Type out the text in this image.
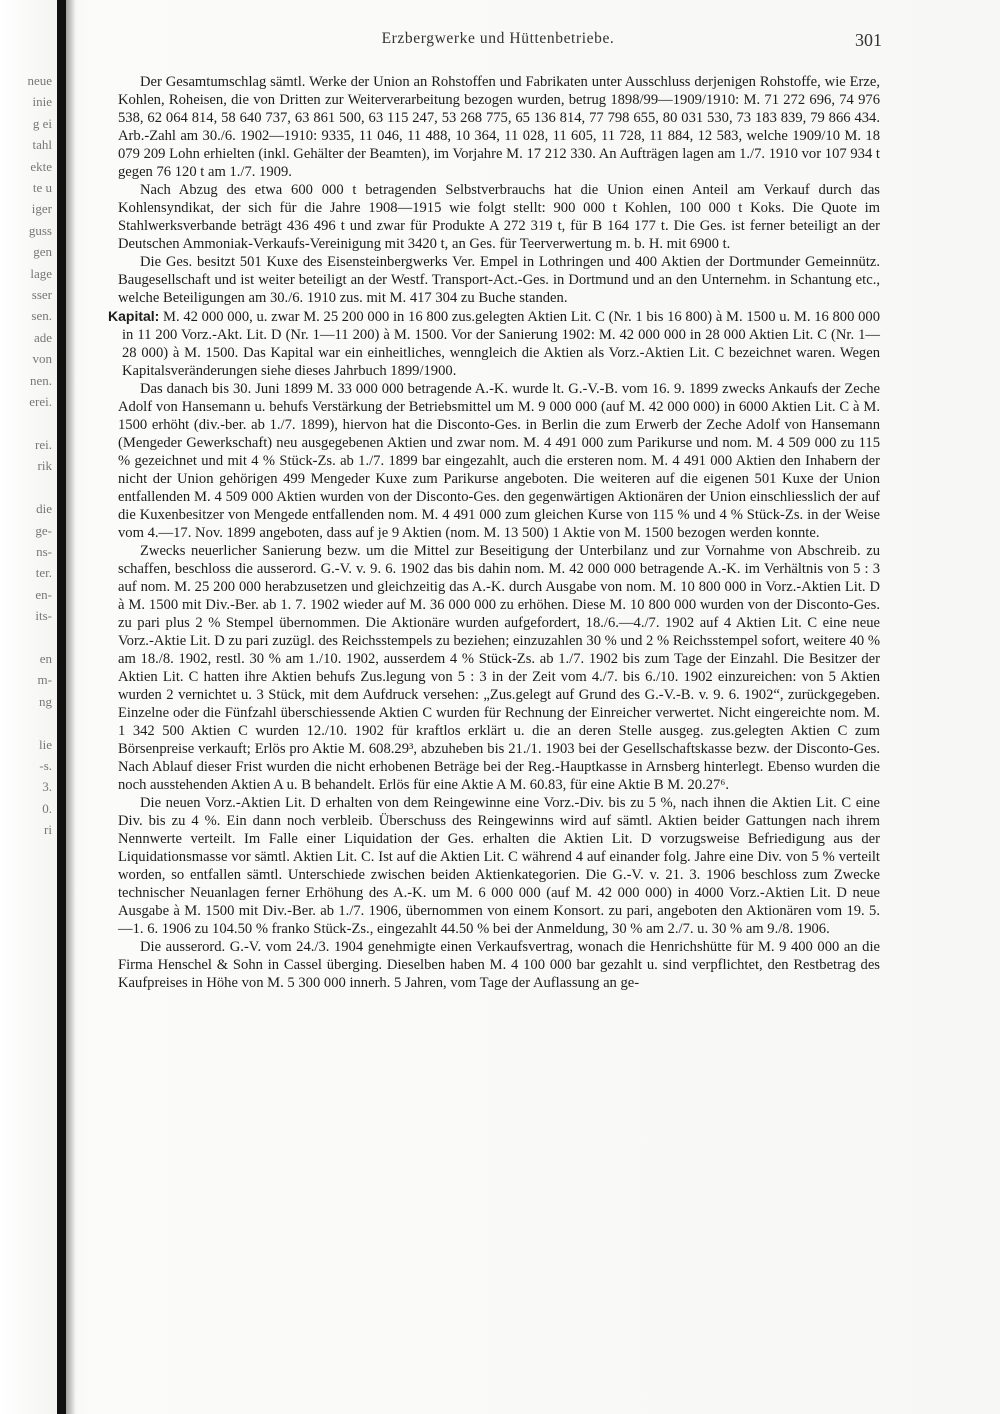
neue
inie
g ei
tahl
ekte
te u
iger
guss
gen
lage
sser
sen.
ade
von
nen.
erei.

rei.
rik

die
ge-
ns-
ter.
en-
its-

en
m-
ng

lie
-s.
3.
0.
ri
Erzbergwerke und Hüttenbetriebe.	301

Der Gesamtumschlag sämtl. Werke der Union an Rohstoffen und Fabrikaten unter Ausschluss derjenigen Rohstoffe, wie Erze, Kohlen, Roheisen, die von Dritten zur Weiterverarbeitung bezogen wurden, betrug 1898/99—1909/1910: M. 71 272 696, 74 976 538, 62 064 814, 58 640 737, 63 861 500, 63 115 247, 53 268 775, 65 136 814, 77 798 655, 80 031 530, 73 183 839, 79 866 434. Arb.-Zahl am 30./6. 1902—1910: 9335, 11 046, 11 488, 10 364, 11 028, 11 605, 11 728, 11 884, 12 583, welche 1909/10 M. 18 079 209 Lohn erhielten (inkl. Gehälter der Beamten), im Vorjahre M. 17 212 330. An Aufträgen lagen am 1./7. 1910 vor 107 934 t gegen 76 120 t am 1./7. 1909.

Nach Abzug des etwa 600 000 t betragenden Selbstverbrauchs hat die Union einen Anteil am Verkauf durch das Kohlensyndikat, der sich für die Jahre 1908—1915 wie folgt stellt: 900 000 t Kohlen, 100 000 t Koks. Die Quote im Stahlwerksverbande beträgt 436 496 t und zwar für Produkte A 272 319 t, für B 164 177 t. Die Ges. ist ferner beteiligt an der Deutschen Ammoniak-Verkaufs-Vereinigung mit 3420 t, an Ges. für Teerverwertung m. b. H. mit 6900 t.

Die Ges. besitzt 501 Kuxe des Eisensteinbergwerks Ver. Empel in Lothringen und 400 Aktien der Dortmunder Gemeinnütz. Baugesellschaft und ist weiter beteiligt an der Westf. Transport-Act.-Ges. in Dortmund und an den Unternehm. in Schantung etc., welche Beteiligungen am 30./6. 1910 zus. mit M. 417 304 zu Buche standen.

Kapital: M. 42 000 000, u. zwar M. 25 200 000 in 16 800 zus.gelegten Aktien Lit. C (Nr. 1 bis 16 800) à M. 1500 u. M. 16 800 000 in 11 200 Vorz.-Akt. Lit. D (Nr. 1—11 200) à M. 1500. Vor der Sanierung 1902: M. 42 000 000 in 28 000 Aktien Lit. C (Nr. 1—28 000) à M. 1500. Das Kapital war ein einheitliches, wenngleich die Aktien als Vorz.-Aktien Lit. C bezeichnet waren. Wegen Kapitalsveränderungen siehe dieses Jahrbuch 1899/1900.

Das danach bis 30. Juni 1899 M. 33 000 000 betragende A.-K. wurde lt. G.-V.-B. vom 16. 9. 1899 zwecks Ankaufs der Zeche Adolf von Hansemann u. behufs Verstärkung der Betriebsmittel um M. 9 000 000 (auf M. 42 000 000) in 6000 Aktien Lit. C à M. 1500 erhöht (div.-ber. ab 1./7. 1899), hiervon hat die Disconto-Ges. in Berlin die zum Erwerb der Zeche Adolf von Hansemann (Mengeder Gewerkschaft) neu ausgegebenen Aktien und zwar nom. M. 4 491 000 zum Parikurse und nom. M. 4 509 000 zu 115 % gezeichnet und mit 4 % Stück-Zs. ab 1./7. 1899 bar eingezahlt, auch die ersteren nom. M. 4 491 000 Aktien den Inhabern der nicht der Union gehörigen 499 Mengeder Kuxe zum Parikurse angeboten. Die weiteren auf die eigenen 501 Kuxe der Union entfallenden M. 4 509 000 Aktien wurden von der Disconto-Ges. den gegenwärtigen Aktionären der Union einschliesslich der auf die Kuxenbesitzer von Mengede entfallenden nom. M. 4 491 000 zum gleichen Kurse von 115 % und 4 % Stück-Zs. in der Weise vom 4.—17. Nov. 1899 angeboten, dass auf je 9 Aktien (nom. M. 13 500) 1 Aktie von M. 1500 bezogen werden konnte.

Zwecks neuerlicher Sanierung bezw. um die Mittel zur Beseitigung der Unterbilanz und zur Vornahme von Abschreib. zu schaffen, beschloss die ausserord. G.-V. v. 9. 6. 1902 das bis dahin nom. M. 42 000 000 betragende A.-K. im Verhältnis von 5 : 3 auf nom. M. 25 200 000 herabzusetzen und gleichzeitig das A.-K. durch Ausgabe von nom. M. 10 800 000 in Vorz.-Aktien Lit. D à M. 1500 mit Div.-Ber. ab 1. 7. 1902 wieder auf M. 36 000 000 zu erhöhen. Diese M. 10 800 000 wurden von der Disconto-Ges. zu pari plus 2 % Stempel übernommen. Die Aktionäre wurden aufgefordert, 18./6.—4./7. 1902 auf 4 Aktien Lit. C eine neue Vorz.-Aktie Lit. D zu pari zuzügl. des Reichsstempels zu beziehen; einzuzahlen 30 % und 2 % Reichsstempel sofort, weitere 40 % am 18./8. 1902, restl. 30 % am 1./10. 1902, ausserdem 4 % Stück-Zs. ab 1./7. 1902 bis zum Tage der Einzahl. Die Besitzer der Aktien Lit. C hatten ihre Aktien behufs Zus.legung von 5 : 3 in der Zeit vom 4./7. bis 6./10. 1902 einzureichen: von 5 Aktien wurden 2 vernichtet u. 3 Stück, mit dem Aufdruck versehen: „Zus.gelegt auf Grund des G.-V.-B. v. 9. 6. 1902“, zurückgegeben. Einzelne oder die Fünfzahl überschiessende Aktien C wurden für Rechnung der Einreicher verwertet. Nicht eingereichte nom. M. 1 342 500 Aktien C wurden 12./10. 1902 für kraftlos erklärt u. die an deren Stelle ausgeg. zus.gelegten Aktien C zum Börsenpreise verkauft; Erlös pro Aktie M. 608.29³, abzuheben bis 21./1. 1903 bei der Gesellschaftskasse bezw. der Disconto-Ges. Nach Ablauf dieser Frist wurden die nicht erhobenen Beträge bei der Reg.-Hauptkasse in Arnsberg hinterlegt. Ebenso wurden die noch ausstehenden Aktien A u. B behandelt. Erlös für eine Aktie A M. 60.83, für eine Aktie B M. 20.27⁶.

Die neuen Vorz.-Aktien Lit. D erhalten von dem Reingewinne eine Vorz.-Div. bis zu 5 %, nach ihnen die Aktien Lit. C eine Div. bis zu 4 %. Ein dann noch verbleib. Überschuss des Reingewinns wird auf sämtl. Aktien beider Gattungen nach ihrem Nennwerte verteilt. Im Falle einer Liquidation der Ges. erhalten die Aktien Lit. D vorzugsweise Befriedigung aus der Liquidationsmasse vor sämtl. Aktien Lit. C. Ist auf die Aktien Lit. C während 4 auf einander folg. Jahre eine Div. von 5 % verteilt worden, so entfallen sämtl. Unterschiede zwischen beiden Aktienkategorien. Die G.-V. v. 21. 3. 1906 beschloss zum Zwecke technischer Neuanlagen ferner Erhöhung des A.-K. um M. 6 000 000 (auf M. 42 000 000) in 4000 Vorz.-Aktien Lit. D neue Ausgabe à M. 1500 mit Div.-Ber. ab 1./7. 1906, übernommen von einem Konsort. zu pari, angeboten den Aktionären vom 19. 5.—1. 6. 1906 zu 104.50 % franko Stück-Zs., eingezahlt 44.50 % bei der Anmeldung, 30 % am 2./7. u. 30 % am 9./8. 1906.

Die ausserord. G.-V. vom 24./3. 1904 genehmigte einen Verkaufsvertrag, wonach die Henrichshütte für M. 9 400 000 an die Firma Henschel & Sohn in Cassel überging. Dieselben haben M. 4 100 000 bar gezahlt u. sind verpflichtet, den Restbetrag des Kaufpreises in Höhe von M. 5 300 000 innerh. 5 Jahren, vom Tage der Auflassung an ge-
